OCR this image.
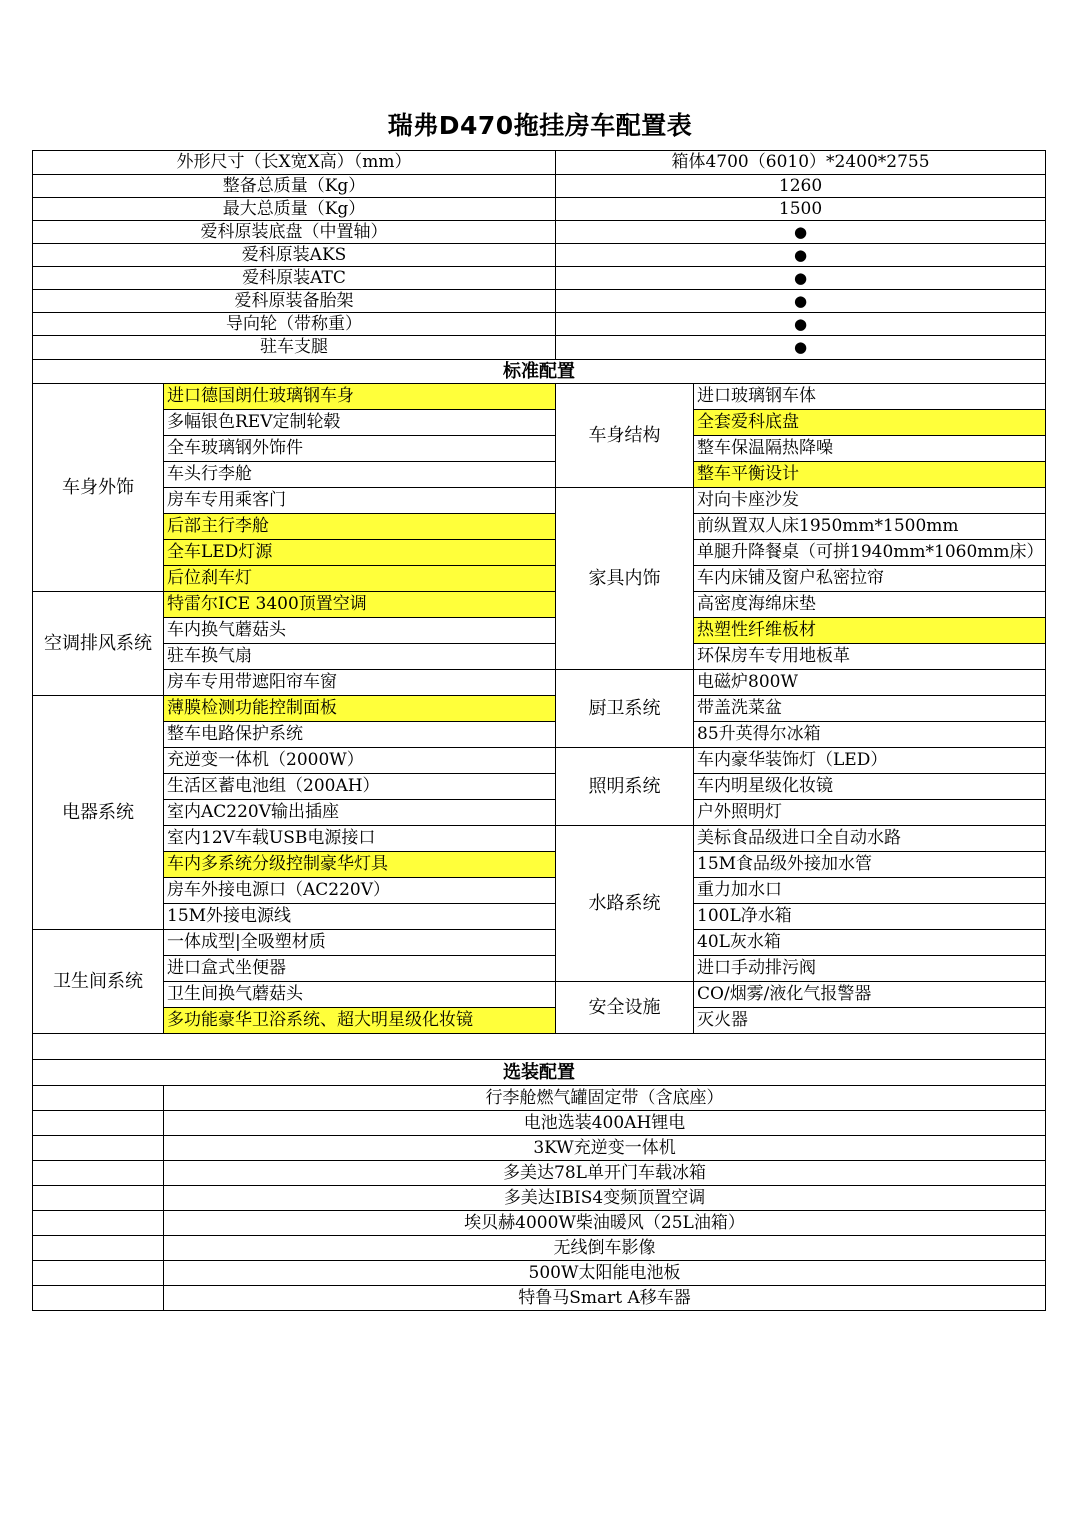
瑞弗D470拖挂房车配置表
外形尺寸（长X宽X高）（mm）		箱体4700（6010）*2400*2755	
整备总质量（Kg）		1260	
最大总质量（Kg）		1500	
爱科原装底盘（中置轴）		●	
爱科原装AKS		●	
爱科原装ATC		●	
爱科原装备胎架		●	
导向轮（带称重）		●	
驻车支腿		●	
标准配置			
车身外饰	进口德国朗仕玻璃钢车身	车身结构	进口玻璃钢车体
	多幅银色REV定制轮毂		全套爱科底盘
	全车玻璃钢外饰件		整车保温隔热降噪
	车头行李舱		整车平衡设计
	房车专用乘客门	家具内饰	对向卡座沙发
	后部主行李舱		前纵置双人床1950mm*1500mm
	全车LED灯源		单腿升降餐桌（可拼1940mm*1060mm床）
	后位刹车灯		车内床铺及窗户私密拉帘
空调排风系统	特雷尔ICE 3400顶置空调		高密度海绵床垫
	车内换气蘑菇头		热塑性纤维板材
	驻车换气扇		环保房车专用地板革
	房车专用带遮阳帘车窗	厨卫系统	电磁炉800W
电器系统	薄膜检测功能控制面板		带盖洗菜盆
	整车电路保护系统		85升英得尔冰箱
	充逆变一体机（2000W）	照明系统	车内豪华装饰灯（LED）
	生活区蓄电池组（200AH）		车内明星级化妆镜
	室内AC220V输出插座		户外照明灯
	室内12V车载USB电源接口	水路系统	美标食品级进口全自动水路
	车内多系统分级控制豪华灯具		15M食品级外接加水管
	房车外接电源口（AC220V）		重力加水口
	15M外接电源线		100L净水箱
卫生间系统	一体成型|全吸塑材质		40L灰水箱
	进口盒式坐便器		进口手动排污阀
	卫生间换气蘑菇头	安全设施	CO/烟雾/液化气报警器
	多功能豪华卫浴系统、超大明星级化妆镜		灭火器

选装配置			
	行李舱燃气罐固定带（含底座）		
	电池选装400AH锂电		
	3KW充逆变一体机		
	多美达78L单开门车载冰箱		
	多美达IBIS4变频顶置空调		
	埃贝赫4000W柴油暖风（25L油箱）		
	无线倒车影像		
	500W太阳能电池板		
	特鲁马Smart A移车器		
